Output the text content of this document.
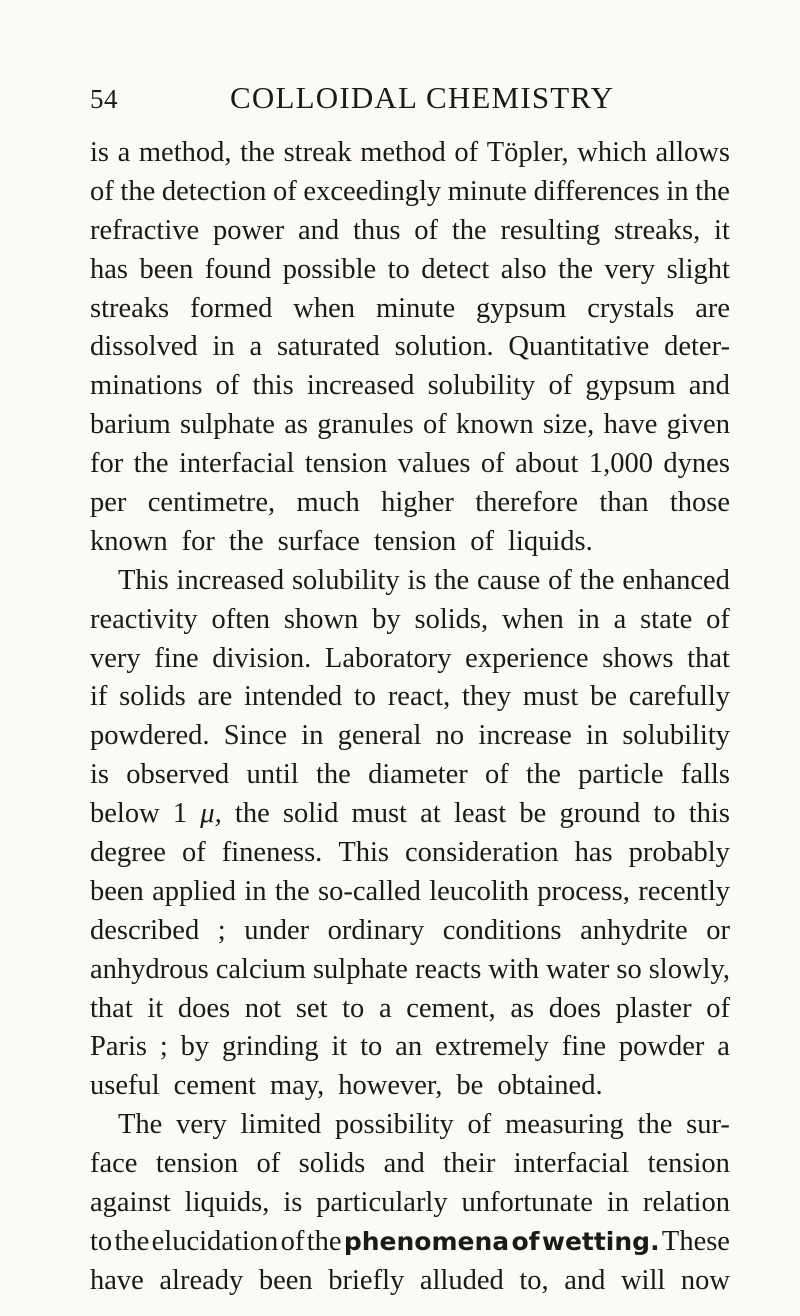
54	COLLOIDAL CHEMISTRY
is a method, the streak method of Töpler, which allows
of the detection of exceedingly minute differences in the
refractive power and thus of the resulting streaks, it
has been found possible to detect also the very slight
streaks formed when minute gypsum crystals are
dissolved in a saturated solution. Quantitative deter-
minations of this increased solubility of gypsum and
barium sulphate as granules of known size, have given
for the interfacial tension values of about 1,000 dynes
per centimetre, much higher therefore than those
known for the surface tension of liquids.
This increased solubility is the cause of the enhanced
reactivity often shown by solids, when in a state of
very fine division. Laboratory experience shows that
if solids are intended to react, they must be carefully
powdered. Since in general no increase in solubility
is observed until the diameter of the particle falls
below 1 μ, the solid must at least be ground to this
degree of fineness. This consideration has probably
been applied in the so-called leucolith process, recently
described ; under ordinary conditions anhydrite or
anhydrous calcium sulphate reacts with water so slowly,
that it does not set to a cement, as does plaster of
Paris ; by grinding it to an extremely fine powder a
useful cement may, however, be obtained.
The very limited possibility of measuring the sur-
face tension of solids and their interfacial tension
against liquids, is particularly unfortunate in relation
to the elucidation of the phenomena of wetting. These
have already been briefly alluded to, and will now
